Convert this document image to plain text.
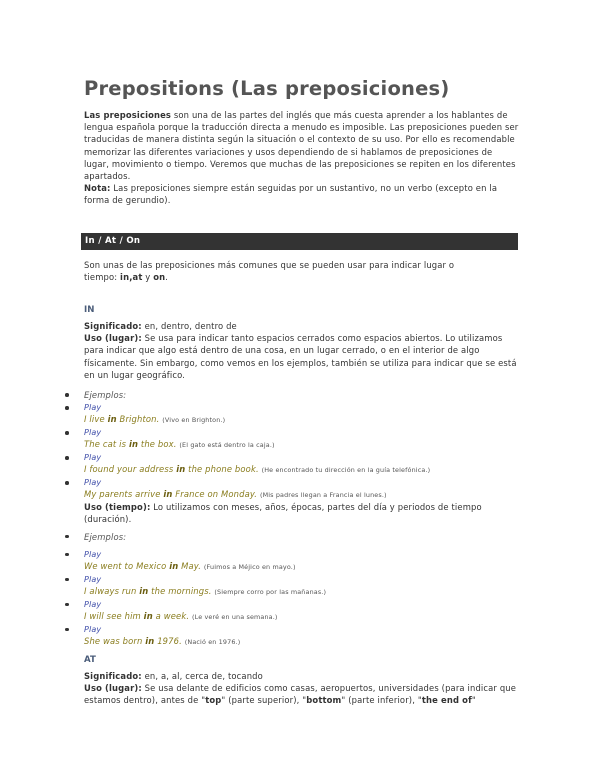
Prepositions (Las preposiciones)
Las preposiciones son una de las partes del inglés que más cuesta aprender a los hablantes de lengua española porque la traducción directa a menudo es imposible. Las preposiciones pueden ser traducidas de manera distinta según la situación o el contexto de su uso. Por ello es recomendable memorizar las diferentes variaciones y usos dependiendo de si hablamos de preposiciones de lugar, movimiento o tiempo. Veremos que muchas de las preposiciones se repiten en los diferentes apartados.
Nota: Las preposiciones siempre están seguidas por un sustantivo, no un verbo (excepto en la forma de gerundio).
In / At / On
Son unas de las preposiciones más comunes que se pueden usar para indicar lugar o tiempo: in,at y on.
IN
Significado: en, dentro, dentro de
Uso (lugar): Se usa para indicar tanto espacios cerrados como espacios abiertos. Lo utilizamos para indicar que algo está dentro de una cosa, en un lugar cerrado, o en el interior de algo físicamente. Sin embargo, como vemos en los ejemplos, también se utiliza para indicar que se está en un lugar geográfico.
Ejemplos:
Play
I live in Brighton. (Vivo en Brighton.)
Play
The cat is in the box. (El gato está dentro la caja.)
Play
I found your address in the phone book. (He encontrado tu dirección en la guía telefónica.)
Play
My parents arrive in France on Monday. (Mis padres llegan a Francia el lunes.)
Uso (tiempo): Lo utilizamos con meses, años, épocas, partes del día y periodos de tiempo (duración).
Ejemplos:
Play
We went to Mexico in May. (Fuimos a Méjico en mayo.)
Play
I always run in the mornings. (Siempre corro por las mañanas.)
Play
I will see him in a week. (Le veré en una semana.)
Play
She was born in 1976. (Nació en 1976.)
AT
Significado: en, a, al, cerca de, tocando
Uso (lugar): Se usa delante de edificios como casas, aeropuertos, universidades (para indicar que estamos dentro), antes de "top" (parte superior), "bottom" (parte inferior), "the end of"
